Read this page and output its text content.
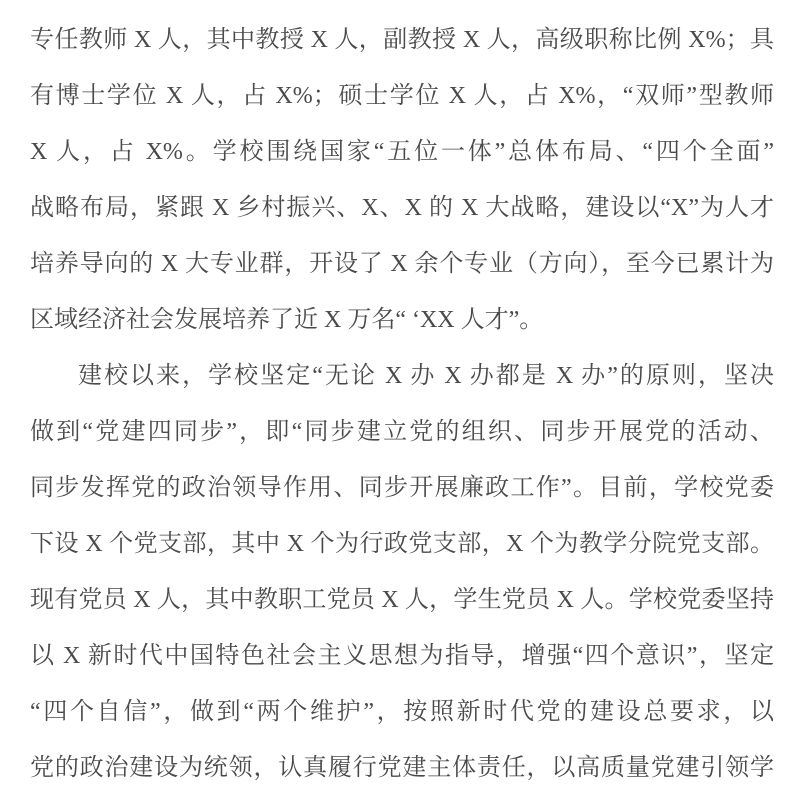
专任教师 X 人，其中教授 X 人，副教授 X 人，高级职称比例 X%；具
有博士学位 X 人，占 X%；硕士学位 X 人，占 X%，“双师”型教师
X 人，占 X%。学校围绕国家“五位一体”总体布局、“四个全面”
战略布局，紧跟 X 乡村振兴、X、X 的 X 大战略，建设以“X”为人才
培养导向的 X 大专业群，开设了 X 余个专业（方向），至今已累计为
区域经济社会发展培养了近 X 万名“ ‘XX 人才”。
建校以来，学校坚定“无论 X 办 X 办都是 X 办”的原则，坚决
做到“党建四同步”，即“同步建立党的组织、同步开展党的活动、
同步发挥党的政治领导作用、同步开展廉政工作”。目前，学校党委
下设 X 个党支部，其中 X 个为行政党支部，X 个为教学分院党支部。
现有党员 X 人，其中教职工党员 X 人，学生党员 X 人。学校党委坚持
以 X 新时代中国特色社会主义思想为指导，增强“四个意识”，坚定
“四个自信”，做到“两个维护”，按照新时代党的建设总要求，以
党的政治建设为统领，认真履行党建主体责任，以高质量党建引领学
